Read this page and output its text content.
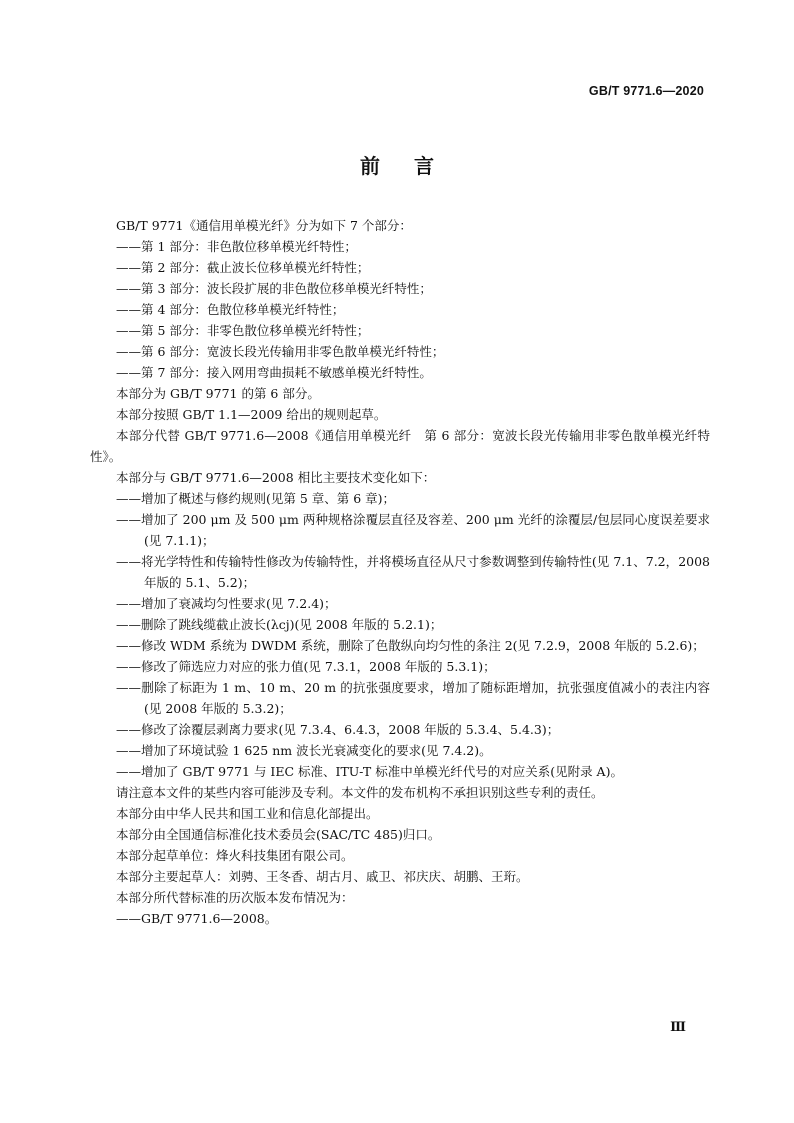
GB/T 9771.6—2020
前言

GB/T 9771《通信用单模光纤》分为如下 7 个部分：

——第 1 部分：非色散位移单模光纤特性；

——第 2 部分：截止波长位移单模光纤特性；

——第 3 部分：波长段扩展的非色散位移单模光纤特性；

——第 4 部分：色散位移单模光纤特性；

——第 5 部分：非零色散位移单模光纤特性；

——第 6 部分：宽波长段光传输用非零色散单模光纤特性；

——第 7 部分：接入网用弯曲损耗不敏感单模光纤特性。

本部分为 GB/T 9771 的第 6 部分。

本部分按照 GB/T 1.1—2009 给出的规则起草。

本部分代替 GB/T 9771.6—2008《通信用单模光纤　第 6 部分：宽波长段光传输用非零色散单模光纤特性》。

本部分与 GB/T 9771.6—2008 相比主要技术变化如下：

——增加了概述与修约规则(见第 5 章、第 6 章)；

——增加了 200 μm 及 500 μm 两种规格涂覆层直径及容差、200 μm 光纤的涂覆层/包层同心度误差要求(见 7.1.1)；

——将光学特性和传输特性修改为传输特性，并将模场直径从尺寸参数调整到传输特性(见 7.1、7.2，2008 年版的 5.1、5.2)；

——增加了衰减均匀性要求(见 7.2.4)；

——删除了跳线缆截止波长(λcj)(见 2008 年版的 5.2.1)；

——修改 WDM 系统为 DWDM 系统，删除了色散纵向均匀性的条注 2(见 7.2.9，2008 年版的 5.2.6)；

——修改了筛选应力对应的张力值(见 7.3.1，2008 年版的 5.3.1)；

——删除了标距为 1 m、10 m、20 m 的抗张强度要求，增加了随标距增加，抗张强度值减小的表注内容(见 2008 年版的 5.3.2)；

——修改了涂覆层剥离力要求(见 7.3.4、6.4.3，2008 年版的 5.3.4、5.4.3)；

——增加了环境试验 1 625 nm 波长光衰减变化的要求(见 7.4.2)。

——增加了 GB/T 9771 与 IEC 标准、ITU-T 标准中单模光纤代号的对应关系(见附录 A)。

请注意本文件的某些内容可能涉及专利。本文件的发布机构不承担识别这些专利的责任。

本部分由中华人民共和国工业和信息化部提出。

本部分由全国通信标准化技术委员会(SAC/TC 485)归口。

本部分起草单位：烽火科技集团有限公司。

本部分主要起草人：刘骋、王冬香、胡古月、戚卫、祁庆庆、胡鹏、王珩。

本部分所代替标准的历次版本发布情况为：

——GB/T 9771.6—2008。

Ⅲ
